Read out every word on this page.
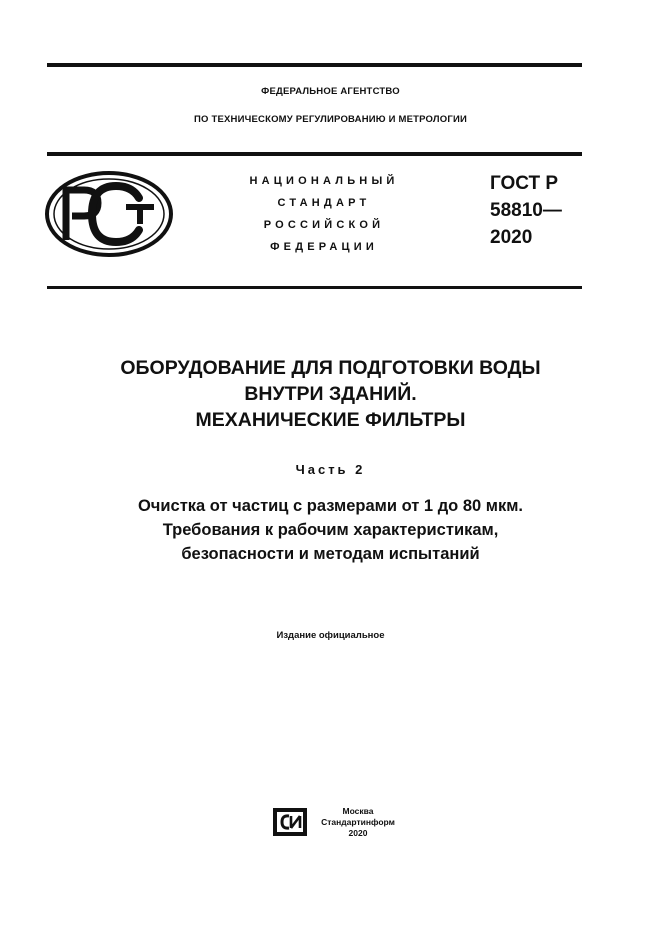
ФЕДЕРАЛЬНОЕ АГЕНТСТВО
ПО ТЕХНИЧЕСКОМУ РЕГУЛИРОВАНИЮ И МЕТРОЛОГИИ
НАЦИОНАЛЬНЫЙ
СТАНДАРТ
РОССИЙСКОЙ
ФЕДЕРАЦИИ
ГОСТ Р
58810—
2020
ОБОРУДОВАНИЕ ДЛЯ ПОДГОТОВКИ ВОДЫ
ВНУТРИ ЗДАНИЙ.
МЕХАНИЧЕСКИЕ ФИЛЬТРЫ
Часть 2
Очистка от частиц с размерами от 1 до 80 мкм.
Требования к рабочим характеристикам,
безопасности и методам испытаний
Издание официальное
Москва
Стандартинформ
2020
